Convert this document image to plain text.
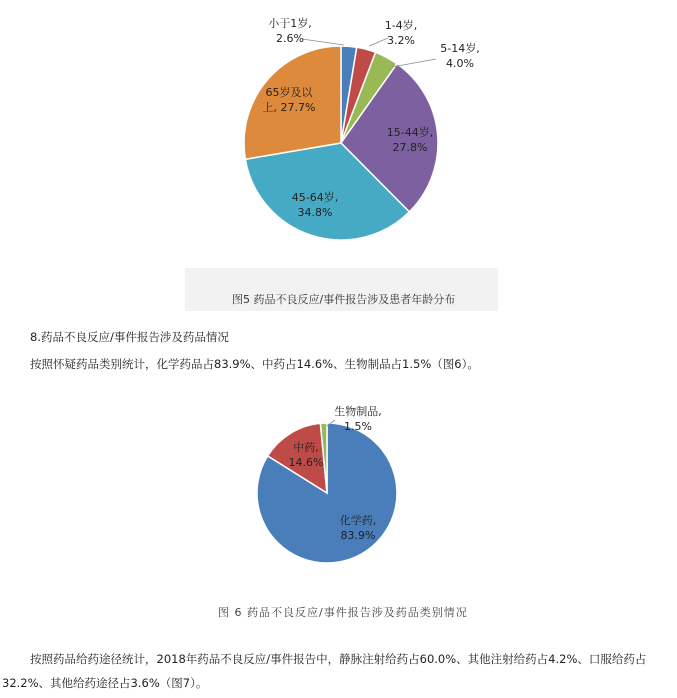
小于1岁, 2.6%
1-4岁, 3.2%
5-14岁, 4.0%
15-44岁, 27.8%
45-64岁, 34.8%
65岁及以上, 27.7%
化学药, 83.9%
中药, 14.6%
生物制品, 1.5%
图5 药品不良反应/事件报告涉及患者年龄分布
8.药品不良反应/事件报告涉及药品情况
按照怀疑药品类别统计，化学药品占83.9%、中药占14.6%、生物制品占1.5%（图6）。
图 6 药品不良反应/事件报告涉及药品类别情况
按照药品给药途径统计，2018年药品不良反应/事件报告中，静脉注射给药占60.0%、其他注射给药占4.2%、口服给药占
32.2%、其他给药途径占3.6%（图7）。
